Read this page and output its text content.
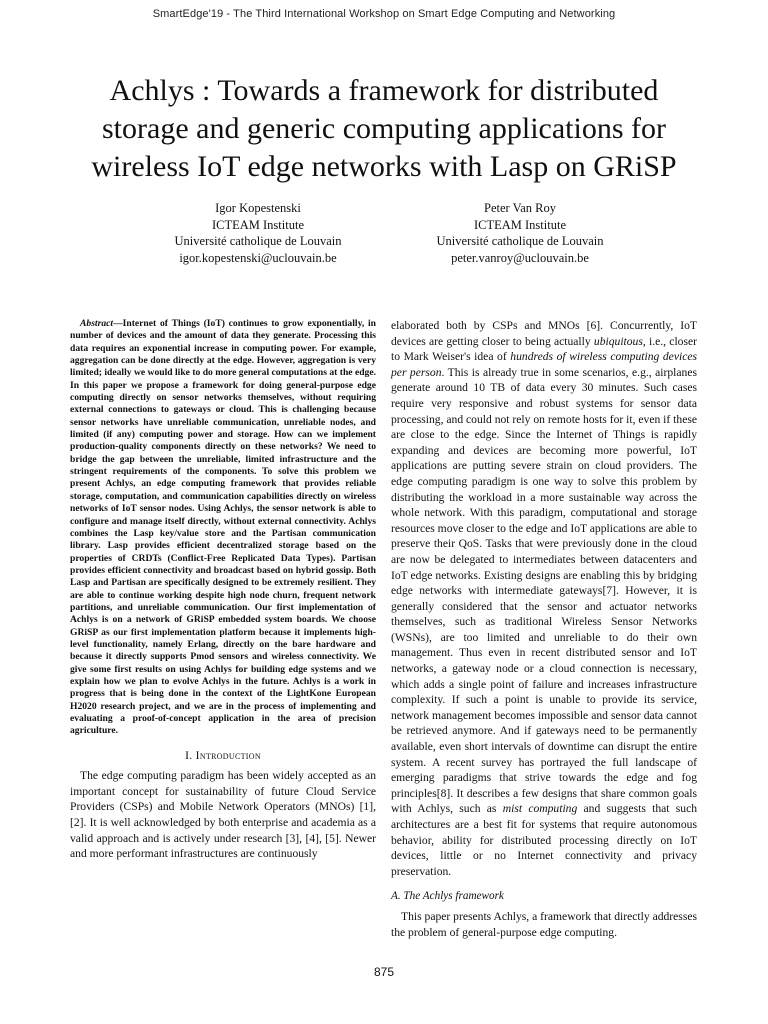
SmartEdge'19 - The Third International Workshop on Smart Edge Computing and Networking
Achlys : Towards a framework for distributed
storage and generic computing applications for
wireless IoT edge networks with Lasp on GRiSP
Igor Kopestenski
ICTEAM Institute
Université catholique de Louvain
igor.kopestenski@uclouvain.be
Peter Van Roy
ICTEAM Institute
Université catholique de Louvain
peter.vanroy@uclouvain.be

Abstract—Internet of Things (IoT) continues to grow exponentially, in number of devices and the amount of data they generate. Processing this data requires an exponential increase in computing power. For example, aggregation can be done directly at the edge. However, aggregation is very limited; ideally we would like to do more general computations at the edge. In this paper we propose a framework for doing general-purpose edge computing directly on sensor networks themselves, without requiring external connections to gateways or cloud. This is challenging because sensor networks have unreliable communication, unreliable nodes, and limited (if any) computing power and storage. How can we implement production-quality components directly on these networks? We need to bridge the gap between the unreliable, limited infrastructure and the stringent requirements of the components. To solve this problem we present Achlys, an edge computing framework that provides reliable storage, computation, and communication capabilities directly on wireless networks of IoT sensor nodes. Using Achlys, the sensor network is able to configure and manage itself directly, without external connectivity. Achlys combines the Lasp key/value store and the Partisan communication library. Lasp provides efficient decentralized storage based on the properties of CRDTs (Conflict-Free Replicated Data Types). Partisan provides efficient connectivity and broadcast based on hybrid gossip. Both Lasp and Partisan are specifically designed to be extremely resilient. They are able to continue working despite high node churn, frequent network partitions, and unreliable communication. Our first implementation of Achlys is on a network of GRiSP embedded system boards. We choose GRiSP as our first implementation platform because it implements high-level functionality, namely Erlang, directly on the bare hardware and because it directly supports Pmod sensors and wireless connectivity. We give some first results on using Achlys for building edge systems and we explain how we plan to evolve Achlys in the future. Achlys is a work in progress that is being done in the context of the LightKone European H2020 research project, and we are in the process of implementing and evaluating a proof-of-concept application in the area of precision agriculture.

I. Introduction

The edge computing paradigm has been widely accepted as an important concept for sustainability of future Cloud Service Providers (CSPs) and Mobile Network Operators (MNOs) [1], [2]. It is well acknowledged by both enterprise and academia as a valid approach and is actively under research [3], [4], [5]. Newer and more performant infrastructures are continuously

elaborated both by CSPs and MNOs [6]. Concurrently, IoT devices are getting closer to being actually ubiquitous, i.e., closer to Mark Weiser's idea of hundreds of wireless computing devices per person. This is already true in some scenarios, e.g., airplanes generate around 10 TB of data every 30 minutes. Such cases require very responsive and robust systems for sensor data processing, and could not rely on remote hosts for it, even if these are close to the edge. Since the Internet of Things is rapidly expanding and devices are becoming more powerful, IoT applications are putting severe strain on cloud providers. The edge computing paradigm is one way to solve this problem by distributing the workload in a more sustainable way across the whole network. With this paradigm, computational and storage resources move closer to the edge and IoT applications are able to preserve their QoS. Tasks that were previously done in the cloud are now be delegated to intermediates between datacenters and IoT edge networks. Existing designs are enabling this by bridging edge networks with intermediate gateways[7]. However, it is generally considered that the sensor and actuator networks themselves, such as traditional Wireless Sensor Networks (WSNs), are too limited and unreliable to do their own management. Thus even in recent distributed sensor and IoT networks, a gateway node or a cloud connection is necessary, which adds a single point of failure and increases infrastructure complexity. If such a point is unable to provide its service, network management becomes impossible and sensor data cannot be retrieved anymore. And if gateways need to be permanently available, even short intervals of downtime can disrupt the entire system. A recent survey has portrayed the full landscape of emerging paradigms that strive towards the edge and fog principles[8]. It describes a few designs that share common goals with Achlys, such as mist computing and suggests that such architectures are a best fit for systems that require autonomous behavior, ability for distributed processing directly on IoT devices, little or no Internet connectivity and privacy preservation.

A. The Achlys framework

This paper presents Achlys, a framework that directly addresses the problem of general-purpose edge computing.

875
